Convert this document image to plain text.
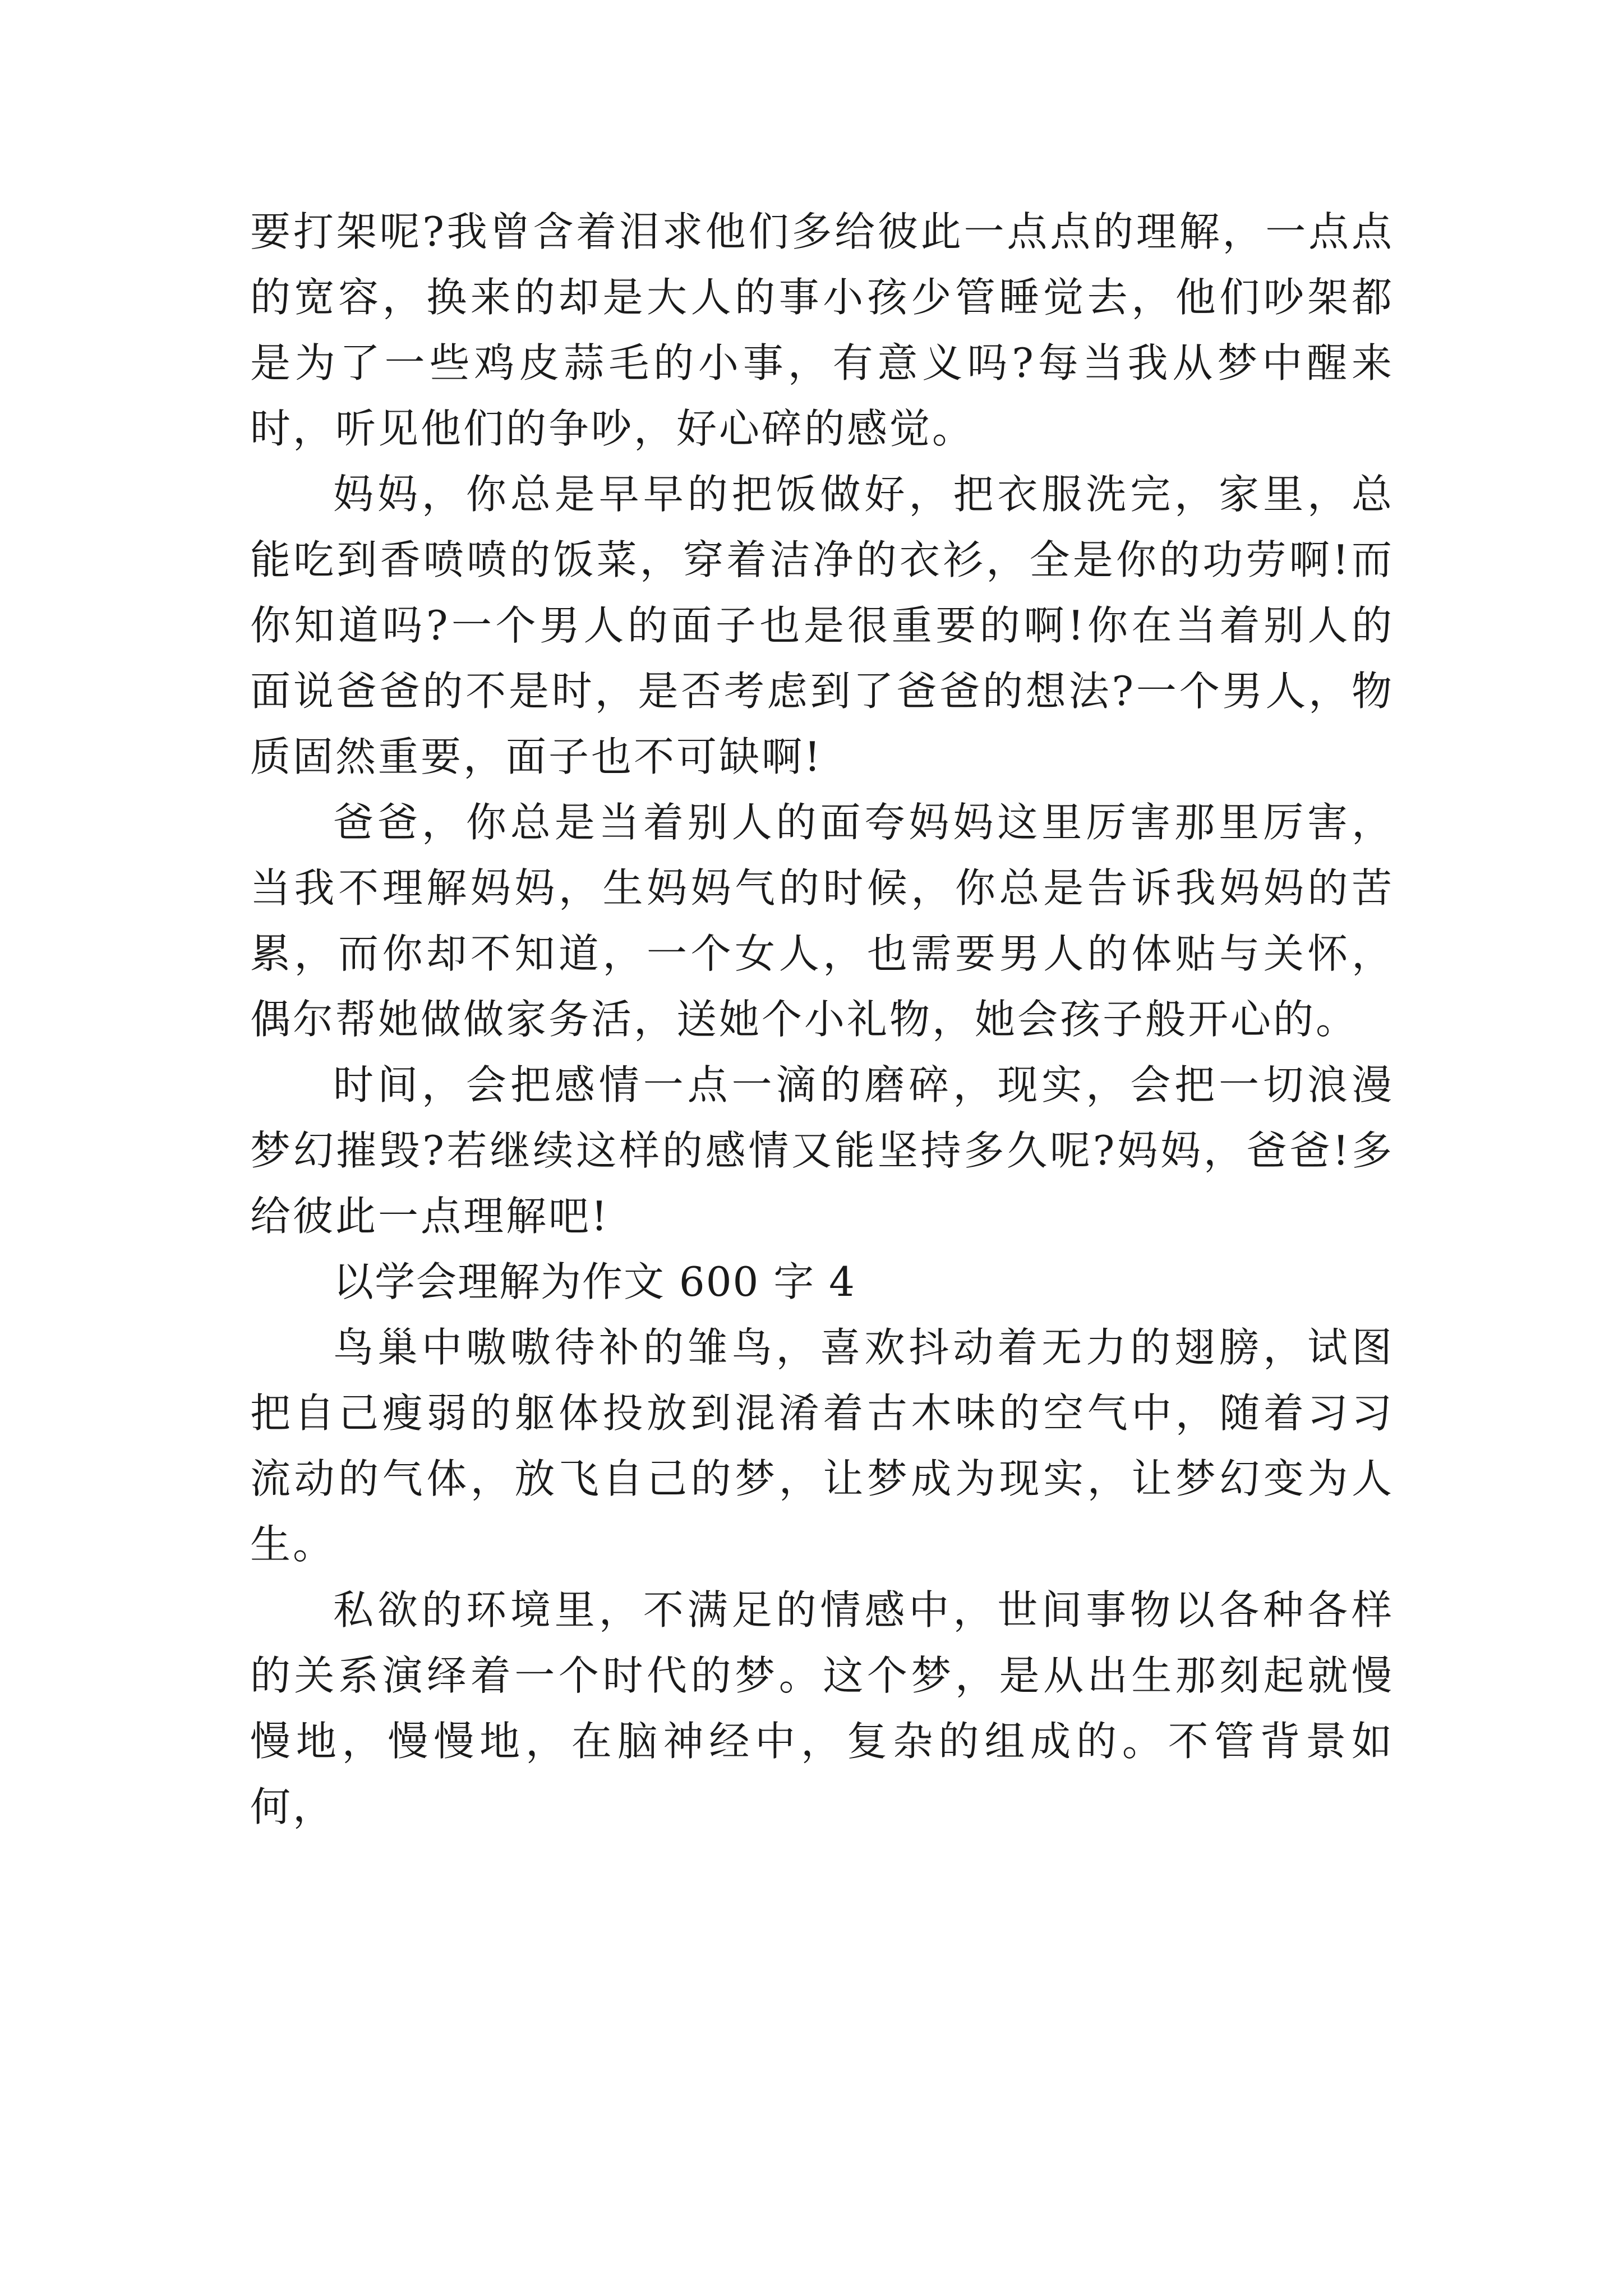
要打架呢?我曾含着泪求他们多给彼此一点点的理解，一点点的宽容，换来的却是大人的事小孩少管睡觉去，他们吵架都是为了一些鸡皮蒜毛的小事，有意义吗?每当我从梦中醒来时，听见他们的争吵，好心碎的感觉。

妈妈，你总是早早的把饭做好，把衣服洗完，家里，总能吃到香喷喷的饭菜，穿着洁净的衣衫，全是你的功劳啊!而你知道吗?一个男人的面子也是很重要的啊!你在当着别人的面说爸爸的不是时，是否考虑到了爸爸的想法?一个男人，物质固然重要，面子也不可缺啊!

爸爸，你总是当着别人的面夸妈妈这里厉害那里厉害，当我不理解妈妈，生妈妈气的时候，你总是告诉我妈妈的苦累，而你却不知道，一个女人，也需要男人的体贴与关怀，偶尔帮她做做家务活，送她个小礼物，她会孩子般开心的。

时间，会把感情一点一滴的磨碎，现实，会把一切浪漫梦幻摧毁?若继续这样的感情又能坚持多久呢?妈妈，爸爸!多给彼此一点理解吧!

以学会理解为作文 600 字 4

鸟巢中嗷嗷待补的雏鸟，喜欢抖动着无力的翅膀，试图把自己瘦弱的躯体投放到混淆着古木味的空气中，随着习习流动的气体，放飞自己的梦，让梦成为现实，让梦幻变为人生。

私欲的环境里，不满足的情感中，世间事物以各种各样的关系演绎着一个时代的梦。这个梦，是从出生那刻起就慢慢地，慢慢地，在脑神经中，复杂的组成的。不管背景如何，
